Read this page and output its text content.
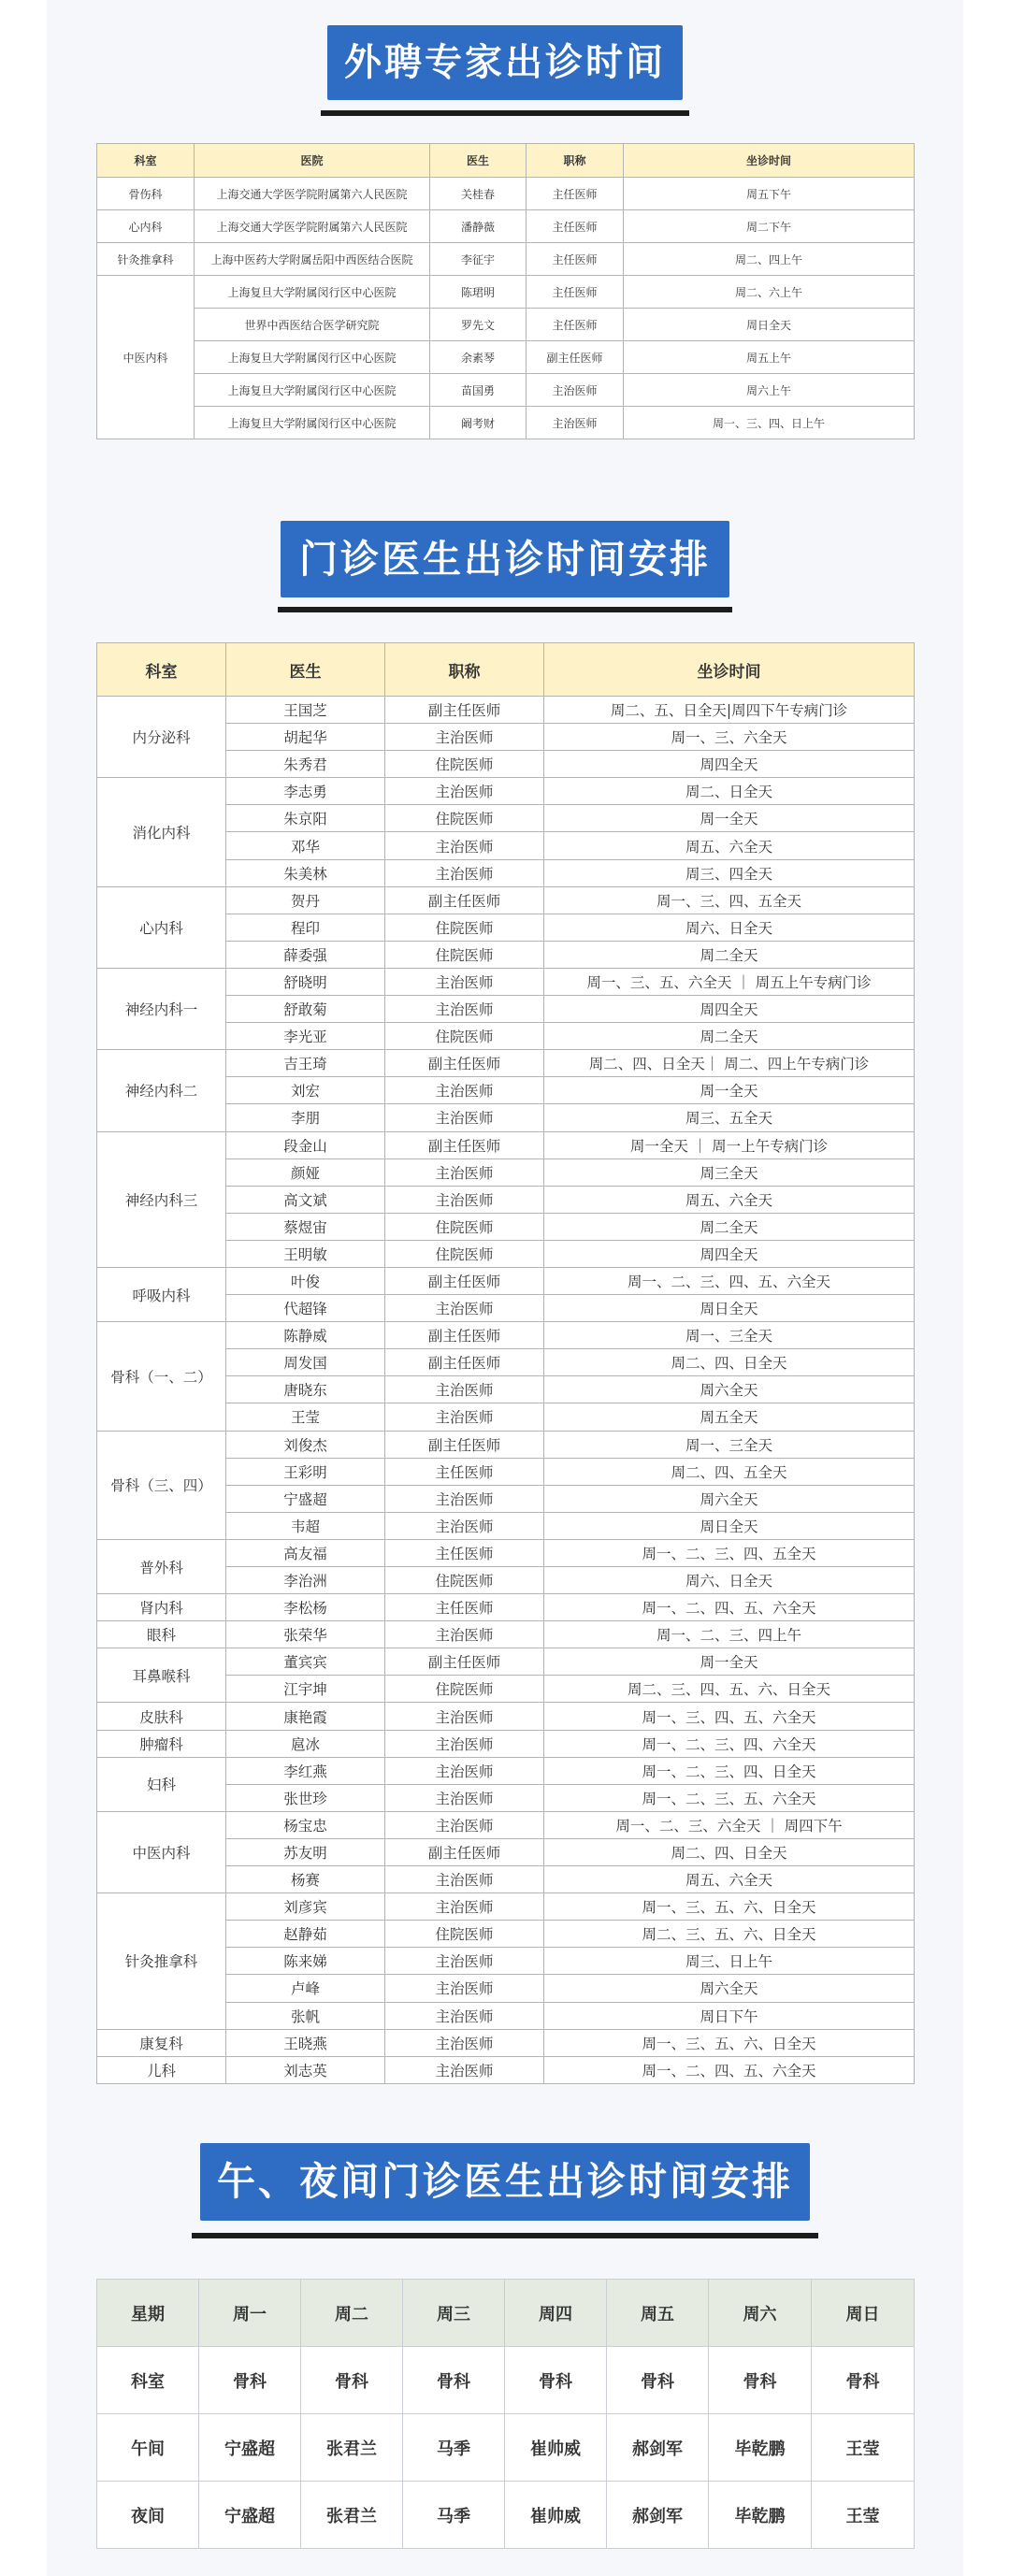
外聘专家出诊时间
科室	医院	医生	职称	坐诊时间
骨伤科	上海交通大学医学院附属第六人民医院	关桂春	主任医师	周五下午
心内科	上海交通大学医学院附属第六人民医院	潘静薇	主任医师	周二下午
针灸推拿科	上海中医药大学附属岳阳中西医结合医院	李征宇	主任医师	周二、四上午
中医内科	上海复旦大学附属闵行区中心医院	陈珺明	主任医师	周二、六上午
	世界中西医结合医学研究院	罗先文	主任医师	周日全天
	上海复旦大学附属闵行区中心医院	余素琴	副主任医师	周五上午
	上海复旦大学附属闵行区中心医院	苗国勇	主治医师	周六上午
	上海复旦大学附属闵行区中心医院	阚考财	主治医师	周一、三、四、日上午
门诊医生出诊时间安排
科室	医生	职称	坐诊时间
内分泌科	王国芝	副主任医师	周二、五、日全天|周四下午专病门诊
	胡起华	主治医师	周一、三、六全天
	朱秀君	住院医师	周四全天
消化内科	李志勇	主治医师	周二、日全天
	朱京阳	住院医师	周一全天
	邓华	主治医师	周五、六全天
	朱美林	主治医师	周三、四全天
心内科	贺丹	副主任医师	周一、三、四、五全天
	程印	住院医师	周六、日全天
	薛委强	住院医师	周二全天
神经内科一	舒晓明	主治医师	周一、三、五、六全天 ｜ 周五上午专病门诊
	舒敢菊	主治医师	周四全天
	李光亚	住院医师	周二全天
神经内科二	吉王琦	副主任医师	周二、四、日全天｜ 周二、四上午专病门诊
	刘宏	主治医师	周一全天
	李朋	主治医师	周三、五全天
神经内科三	段金山	副主任医师	周一全天 ｜ 周一上午专病门诊
	颜娅	主治医师	周三全天
	高文斌	主治医师	周五、六全天
	蔡煜宙	住院医师	周二全天
	王明敏	住院医师	周四全天
呼吸内科	叶俊	副主任医师	周一、二、三、四、五、六全天
	代超锋	主治医师	周日全天
骨科（一、二）	陈静威	副主任医师	周一、三全天
	周发国	副主任医师	周二、四、日全天
	唐晓东	主治医师	周六全天
	王莹	主治医师	周五全天
骨科（三、四）	刘俊杰	副主任医师	周一、三全天
	王彩明	主任医师	周二、四、五全天
	宁盛超	主治医师	周六全天
	韦超	主治医师	周日全天
普外科	高友福	主任医师	周一、二、三、四、五全天
	李治洲	住院医师	周六、日全天
肾内科	李松杨	主任医师	周一、二、四、五、六全天
眼科	张荣华	主治医师	周一、二、三、四上午
耳鼻喉科	董宾宾	副主任医师	周一全天
	江宇坤	住院医师	周二、三、四、五、六、日全天
皮肤科	康艳霞	主治医师	周一、三、四、五、六全天
肿瘤科	扈冰	主治医师	周一、二、三、四、六全天
妇科	李红燕	主治医师	周一、二、三、四、日全天
	张世珍	主治医师	周一、二、三、五、六全天
中医内科	杨宝忠	主治医师	周一、二、三、六全天 ｜ 周四下午
	苏友明	副主任医师	周二、四、日全天
	杨赛	主治医师	周五、六全天
针灸推拿科	刘彦宾	主治医师	周一、三、五、六、日全天
	赵静茹	住院医师	周二、三、五、六、日全天
	陈来娣	主治医师	周三、日上午
	卢峰	主治医师	周六全天
	张帆	主治医师	周日下午
康复科	王晓燕	主治医师	周一、三、五、六、日全天
儿科	刘志英	主治医师	周一、二、四、五、六全天
午、夜间门诊医生出诊时间安排
星期	周一	周二	周三	周四	周五	周六	周日
科室	骨科	骨科	骨科	骨科	骨科	骨科	骨科
午间	宁盛超	张君兰	马季	崔帅威	郝剑军	毕乾鹏	王莹
夜间	宁盛超	张君兰	马季	崔帅威	郝剑军	毕乾鹏	王莹
